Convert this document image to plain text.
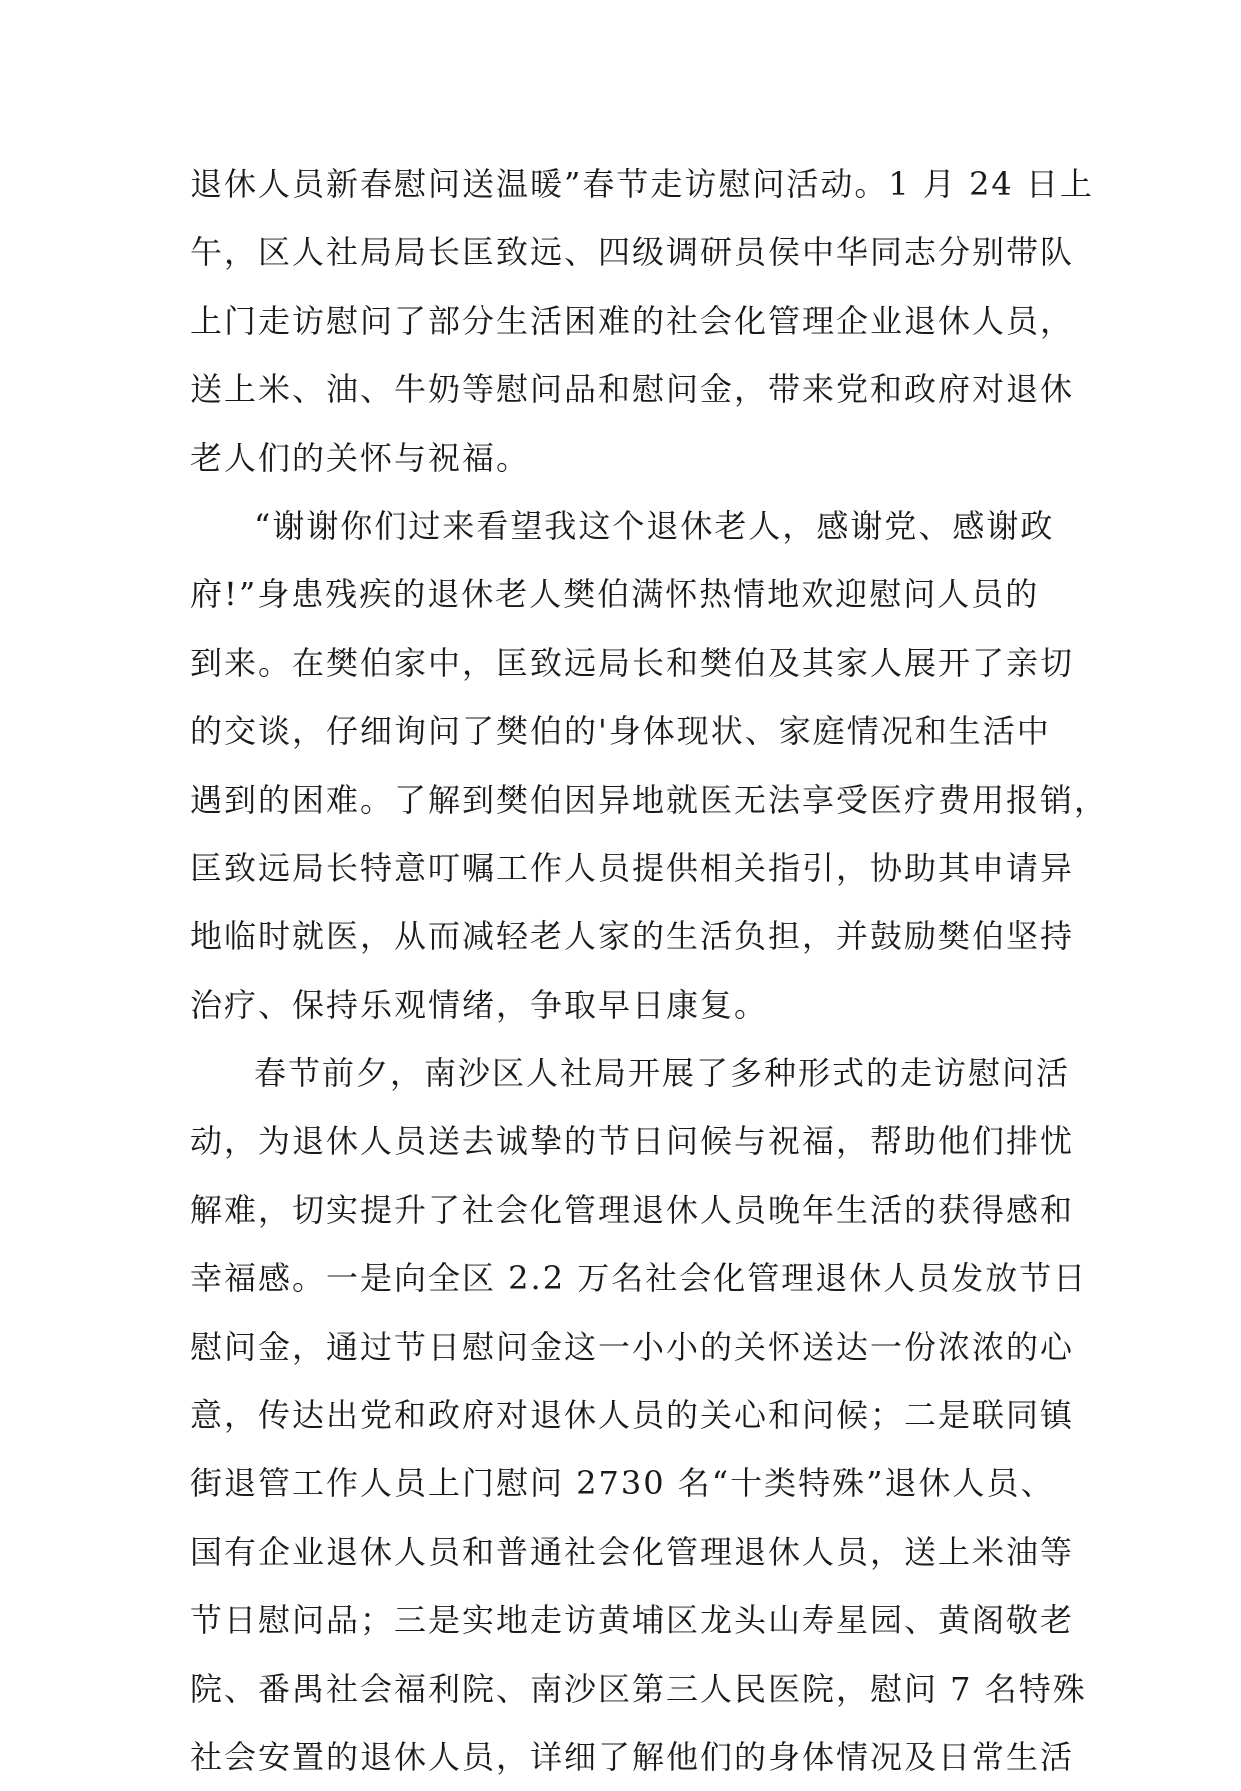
退休人员新春慰问送温暖”春节走访慰问活动。1 月 24 日上
午，区人社局局长匡致远、四级调研员侯中华同志分别带队
上门走访慰问了部分生活困难的社会化管理企业退休人员，
送上米、油、牛奶等慰问品和慰问金，带来党和政府对退休
老人们的关怀与祝福。
“谢谢你们过来看望我这个退休老人，感谢党、感谢政
府!”身患残疾的退休老人樊伯满怀热情地欢迎慰问人员的
到来。在樊伯家中，匡致远局长和樊伯及其家人展开了亲切
的交谈，仔细询问了樊伯的'身体现状、家庭情况和生活中
遇到的困难。了解到樊伯因异地就医无法享受医疗费用报销，
匡致远局长特意叮嘱工作人员提供相关指引，协助其申请异
地临时就医，从而减轻老人家的生活负担，并鼓励樊伯坚持
治疗、保持乐观情绪，争取早日康复。
春节前夕，南沙区人社局开展了多种形式的走访慰问活
动，为退休人员送去诚挚的节日问候与祝福，帮助他们排忧
解难，切实提升了社会化管理退休人员晚年生活的获得感和
幸福感。一是向全区 2.2 万名社会化管理退休人员发放节日
慰问金，通过节日慰问金这一小小的关怀送达一份浓浓的心
意，传达出党和政府对退休人员的关心和问候；二是联同镇
街退管工作人员上门慰问 2730 名“十类特殊”退休人员、
国有企业退休人员和普通社会化管理退休人员，送上米油等
节日慰问品；三是实地走访黄埔区龙头山寿星园、黄阁敬老
院、番禺社会福利院、南沙区第三人民医院，慰问 7 名特殊
社会安置的退休人员，详细了解他们的身体情况及日常生活
